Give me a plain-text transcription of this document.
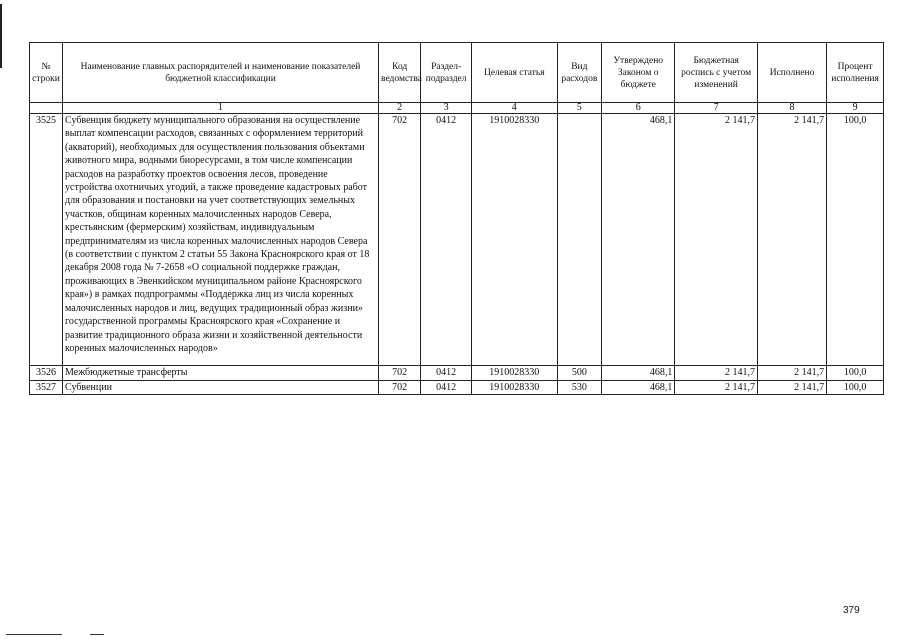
№ строки	Наименование главных распорядителей и наименование показателей бюджетной классификации	Код ведомства	Раздел-подраздел	Целевая статья	Вид расходов	Утверждено Законом о бюджете	Бюджетная роспись с учетом изменений	Исполнено	Процент исполнения
	1	2	3	4	5	6	7	8	9
3525	Субвенция бюджету муниципального образования на осуществление выплат компенсации расходов, связанных с оформлением территорий (акваторий), необходимых для осуществления пользования объектами животного мира, водными биоресурсами, в том числе компенсации расходов на разработку проектов освоения лесов, проведение устройства охотничьих угодий, а также проведение кадастровых работ для образования и постановки на учет соответствующих земельных участков, общинам коренных малочисленных народов Севера, крестьянским (фермерским) хозяйствам, индивидуальным предпринимателям из числа коренных малочисленных народов Севера (в соответствии с пунктом 2 статьи 55 Закона Красноярского края от 18 декабря 2008 года № 7-2658 «О социальной поддержке граждан, проживающих в Эвенкийском муниципальном районе Красноярского края») в рамках подпрограммы «Поддержка лиц из числа коренных малочисленных народов и лиц, ведущих традиционный образ жизни» государственной программы Красноярского края «Сохранение и развитие традиционного образа жизни и хозяйственной деятельности коренных малочисленных народов»	702	0412	1910028330		468,1	2 141,7	2 141,7	100,0
3526	Межбюджетные трансферты	702	0412	1910028330	500	468,1	2 141,7	2 141,7	100,0
3527	Субвенции	702	0412	1910028330	530	468,1	2 141,7	2 141,7	100,0
379
